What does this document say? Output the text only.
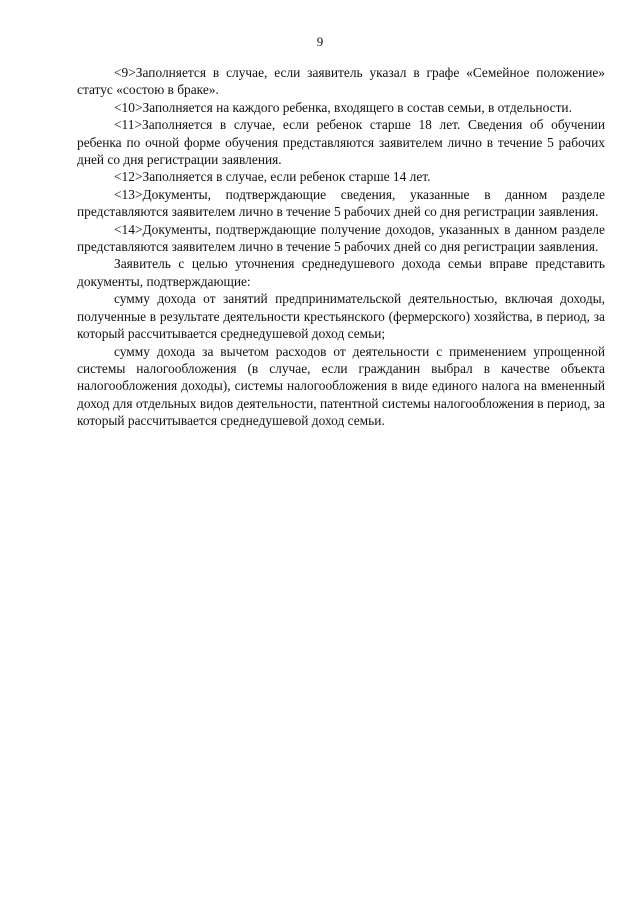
9

<9>Заполняется в случае, если заявитель указал в графе «Семейное положение» статус «состою в браке».

<10>Заполняется на каждого ребенка, входящего в состав семьи, в отдельности.

<11>Заполняется в случае, если ребенок старше 18 лет. Сведения об обучении ребенка по очной форме обучения представляются заявителем лично в течение 5 рабочих дней со дня регистрации заявления.

<12>Заполняется в случае, если ребенок старше 14 лет.

<13>Документы, подтверждающие сведения, указанные в данном разделе представляются заявителем лично в течение 5 рабочих дней со дня регистрации заявления.

<14>Документы, подтверждающие получение доходов, указанных в данном разделе представляются заявителем лично в течение 5 рабочих дней со дня регистрации заявления.

Заявитель с целью уточнения среднедушевого дохода семьи вправе представить документы, подтверждающие:

сумму дохода от занятий предпринимательской деятельностью, включая доходы, полученные в результате деятельности крестьянского (фермерского) хозяйства, в период, за который рассчитывается среднедушевой доход семьи;

сумму дохода за вычетом расходов от деятельности с применением упрощенной системы налогообложения (в случае, если гражданин выбрал в качестве объекта налогообложения доходы), системы налогообложения в виде единого налога на вмененный доход для отдельных видов деятельности, патентной системы налогообложения в период, за который рассчитывается среднедушевой доход семьи.
